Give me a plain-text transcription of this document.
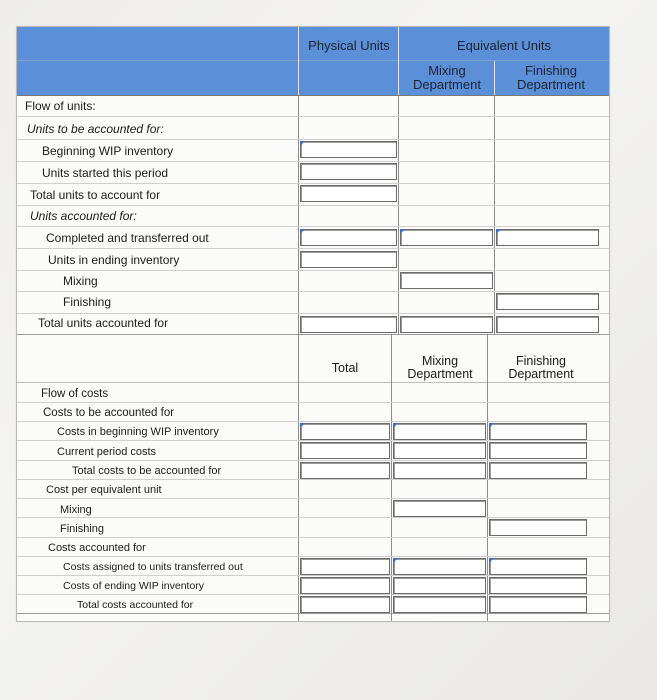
Physical Units	Equivalent Units
Mixing
Department
Finishing
Department
Flow of units:
Units to be accounted for:
Beginning WIP inventory
Units started this period
Total units to account for
Units accounted for:
Completed and transferred out
Units in ending inventory
Mixing
Finishing
Total units accounted for
Total	Mixing
Department
Finishing
Department
Flow of costs
Costs to be accounted for
Costs in beginning WIP inventory
Current period costs
Total costs to be accounted for
Cost per equivalent unit
Mixing
Finishing
Costs accounted for
Costs assigned to units transferred out
Costs of ending WIP inventory
Total costs accounted for
